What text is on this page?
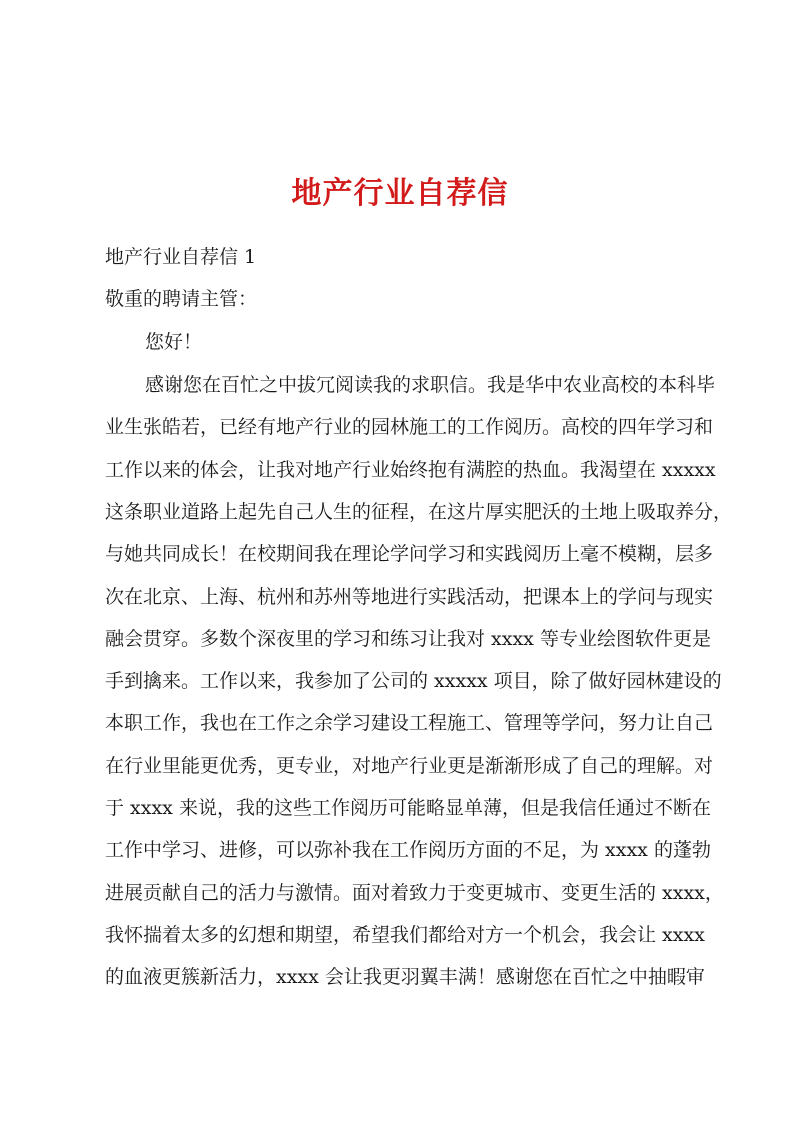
地产行业自荐信

地产行业自荐信 1

敬重的聘请主管：

您好！

感谢您在百忙之中拔冗阅读我的求职信。我是华中农业高校的本科毕

业生张皓若，已经有地产行业的园林施工的工作阅历。高校的四年学习和

工作以来的体会，让我对地产行业始终抱有满腔的热血。我渴望在 xxxxx

这条职业道路上起先自己人生的征程，在这片厚实肥沃的土地上吸取养分，

与她共同成长！在校期间我在理论学问学习和实践阅历上毫不模糊，层多

次在北京、上海、杭州和苏州等地进行实践活动，把课本上的学问与现实

融会贯穿。多数个深夜里的学习和练习让我对 xxxx 等专业绘图软件更是

手到擒来。工作以来，我参加了公司的 xxxxx 项目，除了做好园林建设的

本职工作，我也在工作之余学习建设工程施工、管理等学问，努力让自己

在行业里能更优秀，更专业，对地产行业更是渐渐形成了自己的理解。对

于 xxxx 来说，我的这些工作阅历可能略显单薄，但是我信任通过不断在

工作中学习、进修，可以弥补我在工作阅历方面的不足，为 xxxx 的蓬勃

进展贡献自己的活力与激情。面对着致力于变更城市、变更生活的 xxxx，

我怀揣着太多的幻想和期望，希望我们都给对方一个机会，我会让 xxxx

的血液更簇新活力，xxxx 会让我更羽翼丰满！感谢您在百忙之中抽暇审
